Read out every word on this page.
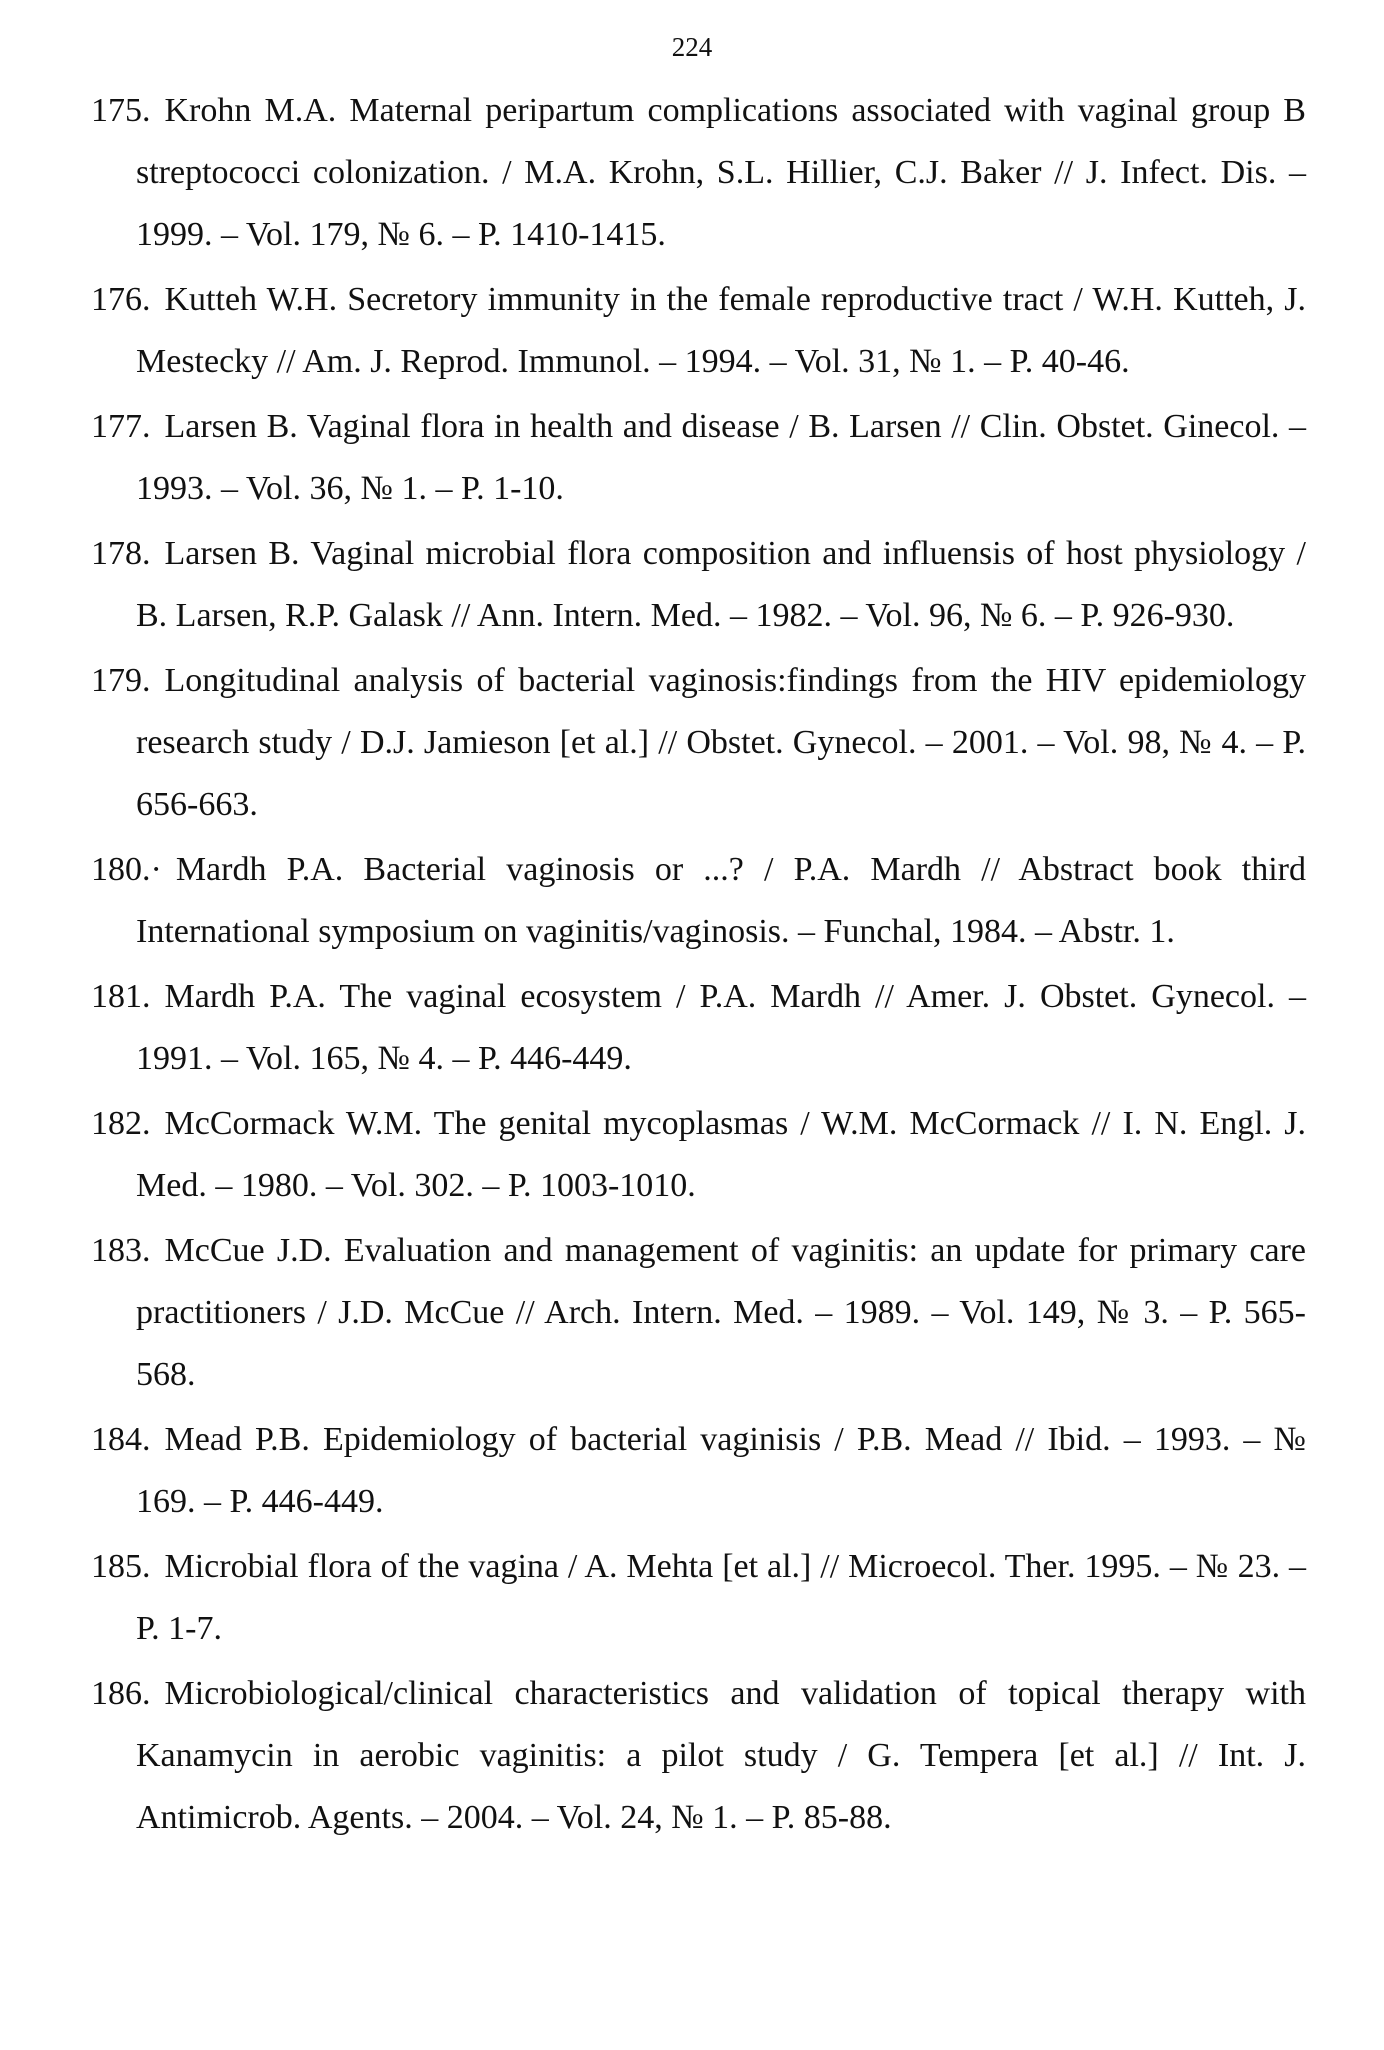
224
175. Krohn M.A. Maternal peripartum complications associated with vaginal group B streptococci colonization. / M.A. Krohn, S.L. Hillier, C.J. Baker // J. Infect. Dis. – 1999. – Vol. 179, № 6. – P. 1410-1415.
176. Kutteh W.H. Secretory immunity in the female reproductive tract / W.H. Kutteh, J. Mestecky // Am. J. Reprod. Immunol. – 1994. – Vol. 31, № 1. – P. 40-46.
177. Larsen B. Vaginal flora in health and disease / B. Larsen // Clin. Obstet. Ginecol. – 1993. – Vol. 36, № 1. – P. 1-10.
178. Larsen B. Vaginal microbial flora composition and influensis of host physiology / B. Larsen, R.P. Galask // Ann. Intern. Med. – 1982. – Vol. 96, № 6. – P. 926-930.
179. Longitudinal analysis of bacterial vaginosis:findings from the HIV epidemiology research study / D.J. Jamieson [et al.] // Obstet. Gynecol. – 2001. – Vol. 98, № 4. – P. 656-663.
180.· Mardh P.A. Bacterial vaginosis or ...? / P.A. Mardh // Abstract book third International symposium on vaginitis/vaginosis. – Funchal, 1984. – Abstr. 1.
181. Mardh P.A. The vaginal ecosystem / P.A. Mardh // Amer. J. Obstet. Gynecol. – 1991. – Vol. 165, № 4. – P. 446-449.
182. McCormack W.M. The genital mycoplasmas / W.M. McCormack // I. N. Engl. J. Med. – 1980. – Vol. 302. – P. 1003-1010.
183. McCue J.D. Evaluation and management of vaginitis: an update for primary care practitioners / J.D. McCue // Arch. Intern. Med. – 1989. – Vol. 149, № 3. – P. 565-568.
184. Mead P.B. Epidemiology of bacterial vaginisis / P.B. Mead // Ibid. – 1993. – № 169. – P. 446-449.
185. Microbial flora of the vagina / A. Mehta [et al.] // Microecol. Ther. 1995. – № 23. – P. 1-7.
186. Microbiological/clinical characteristics and validation of topical therapy with Kanamycin in aerobic vaginitis: a pilot study / G. Tempera [et al.] // Int. J. Antimicrob. Agents. – 2004. – Vol. 24, № 1. – P. 85-88.
